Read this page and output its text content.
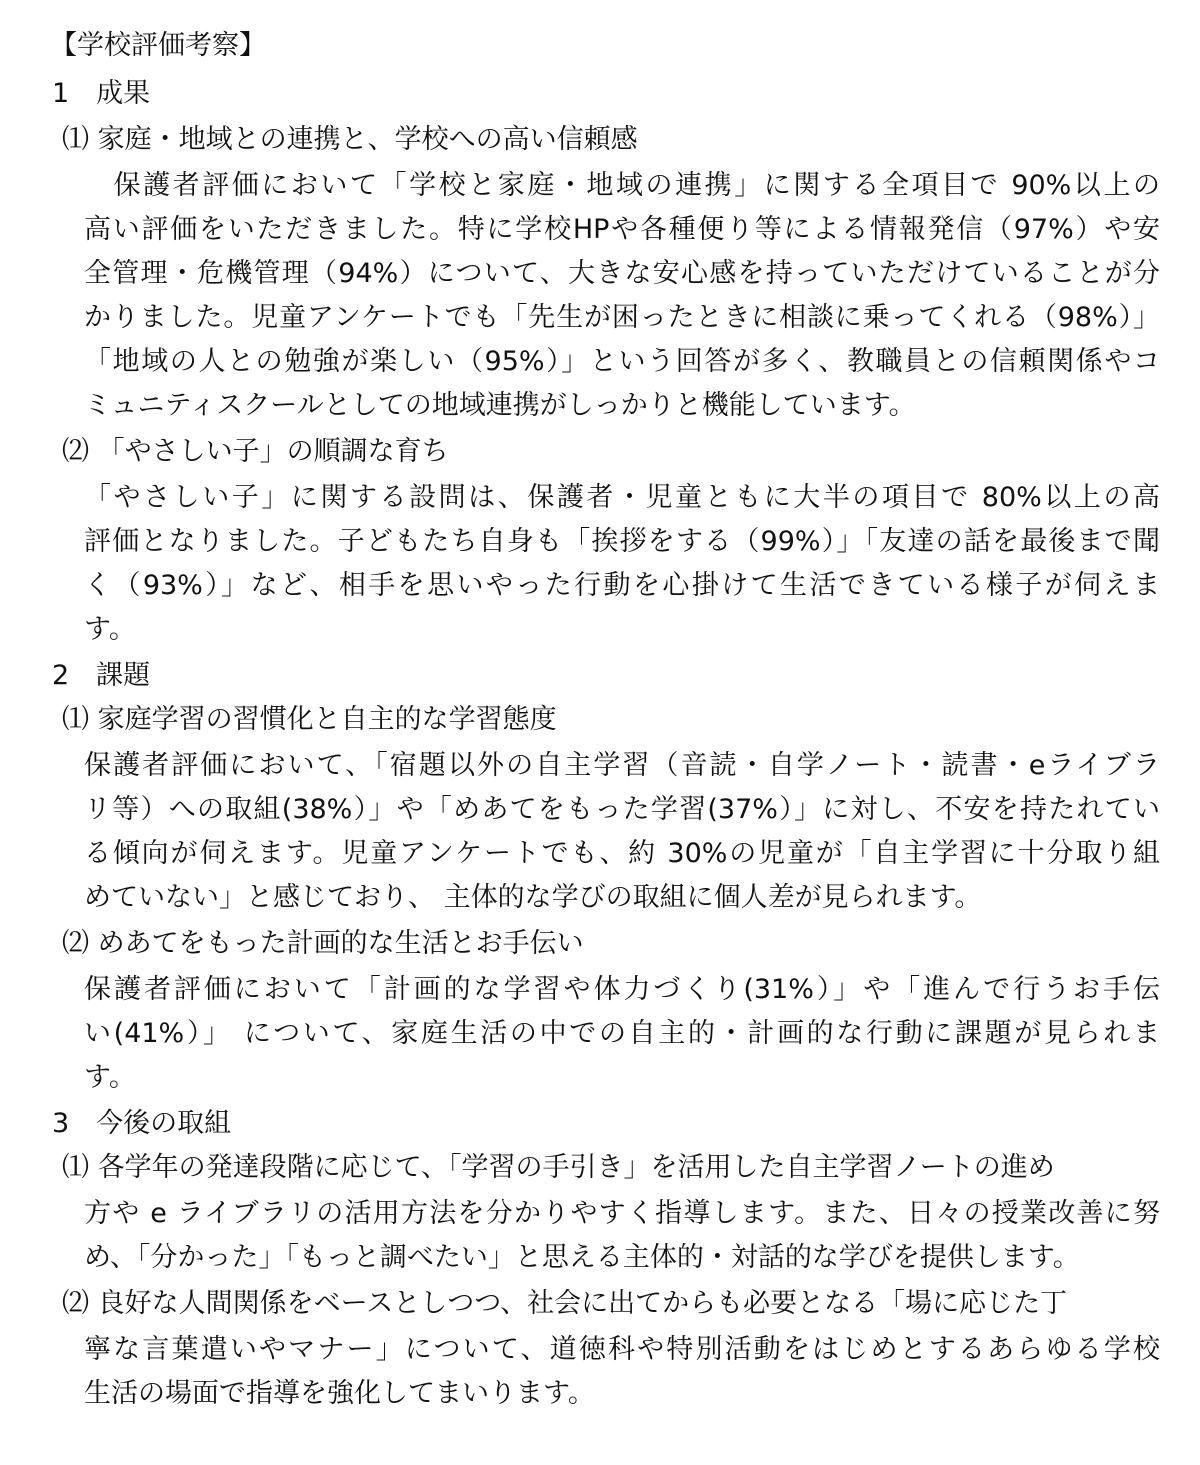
【学校評価考察】
1　成果
⑴ 家庭・地域との連携と、学校への高い信頼感
　保護者評価において「学校と家庭・地域の連携」に関する全項目で 90%以上の
高い評価をいただきました。特に学校HPや各種便り等による情報発信（97%）や安
全管理・危機管理（94%）について、大きな安心感を持っていただけていることが分
かりました。児童アンケートでも「先生が困ったときに相談に乗ってくれる（98%）」
「地域の人との勉強が楽しい（95%）」という回答が多く、教職員との信頼関係やコ
ミュニティスクールとしての地域連携がしっかりと機能しています。
⑵ 「やさしい子」の順調な育ち
「やさしい子」に関する設問は、保護者・児童ともに大半の項目で 80%以上の高
評価となりました。子どもたち自身も「挨拶をする（99%）」「友達の話を最後まで聞
く（93%）」など、相手を思いやった行動を心掛けて生活できている様子が伺えま
す。
2　課題
⑴ 家庭学習の習慣化と自主的な学習態度
保護者評価において、「宿題以外の自主学習（音読・自学ノート・読書・eライブラ
リ等）への取組(38%）」や「めあてをもった学習(37%）」に対し、不安を持たれてい
る傾向が伺えます。児童アンケートでも、約 30%の児童が「自主学習に十分取り組
めていない」と感じており、 主体的な学びの取組に個人差が見られます。
⑵ めあてをもった計画的な生活とお手伝い
保護者評価において「計画的な学習や体力づくり(31%）」や「進んで行うお手伝
い(41%）」 について、家庭生活の中での自主的・計画的な行動に課題が見られま
す。
3　今後の取組
⑴ 各学年の発達段階に応じて、「学習の手引き」を活用した自主学習ノートの進め
方や e ライブラリの活用方法を分かりやすく指導します。また、日々の授業改善に努
め、「分かった」「もっと調べたい」と思える主体的・対話的な学びを提供します。
⑵ 良好な人間関係をベースとしつつ、社会に出てからも必要となる「場に応じた丁
寧な言葉遣いやマナー」について、道徳科や特別活動をはじめとするあらゆる学校
生活の場面で指導を強化してまいります。
